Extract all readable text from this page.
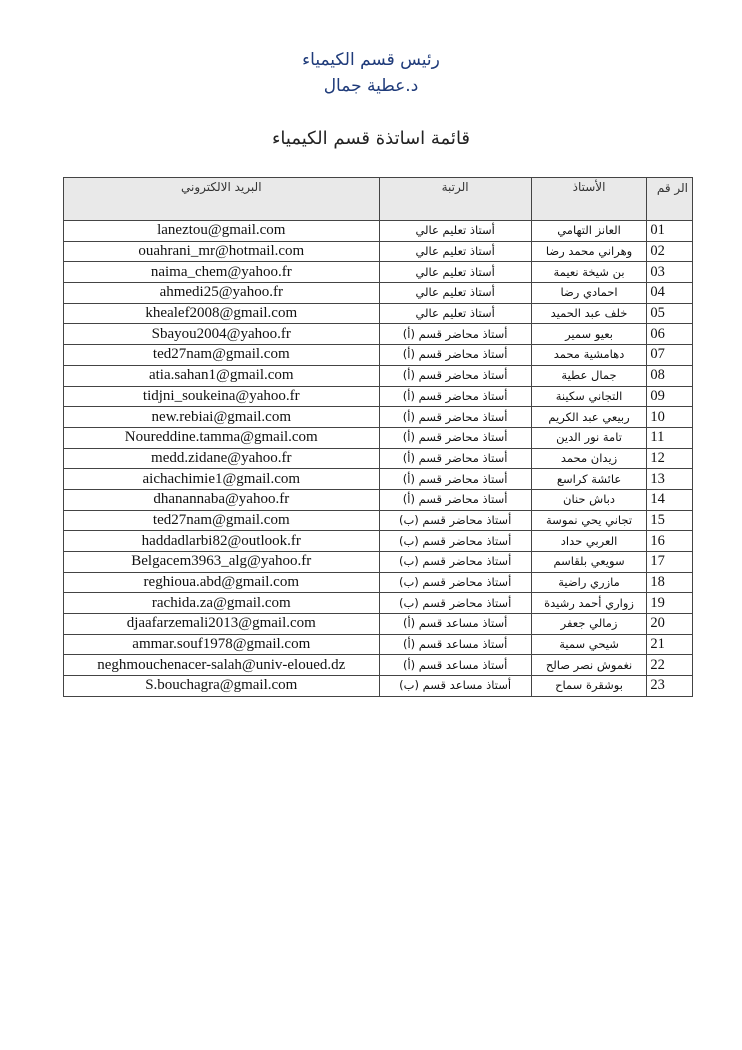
رئيس قسم الكيمياء
د.عطية جمال
قائمة اساتذة قسم الكيمياء
الر قم	الأستاذ	الرتبة	البريد الالكتروني
01	العانز التهامي	أستاذ تعليم عالي	laneztou@gmail.com
02	وهراني محمد رضا	أستاذ تعليم عالي	ouahrani_mr@hotmail.com
03	بن شيخة نعيمة	أستاذ تعليم عالي	naima_chem@yahoo.fr
04	احمادي رضا	أستاذ تعليم عالي	ahmedi25@yahoo.fr
05	خلف عبد الحميد	أستاذ تعليم عالي	khealef2008@gmail.com
06	بعيو سمير	أستاذ محاضر قسم (أ)	Sbayou2004@yahoo.fr
07	دهامشية محمد	أستاذ محاضر قسم (أ)	ted27nam@gmail.com
08	جمال عطية	أستاذ محاضر قسم (أ)	atia.sahan1@gmail.com
09	التجاني سكينة	أستاذ محاضر قسم (أ)	tidjni_soukeina@yahoo.fr
10	ربيعي عبد الكريم	أستاذ محاضر قسم (أ)	new.rebiai@gmail.com
11	تامة نور الدين	أستاذ محاضر قسم (أ)	Noureddine.tamma@gmail.com
12	زيدان محمد	أستاذ محاضر قسم (أ)	medd.zidane@yahoo.fr
13	عائشة كراسع	أستاذ محاضر قسم (أ)	aichachimie1@gmail.com
14	دباش حنان	أستاذ محاضر قسم (أ)	dhanannaba@yahoo.fr
15	تجاني يحي نموسة	أستاذ محاضر قسم (ب)	ted27nam@gmail.com
16	العربي حداد	أستاذ محاضر قسم (ب)	haddadlarbi82@outlook.fr
17	سويعي بلقاسم	أستاذ محاضر قسم (ب)	Belgacem3963_alg@yahoo.fr
18	مازري راضية	أستاذ محاضر قسم (ب)	reghioua.abd@gmail.com
19	زواري أحمد رشيدة	أستاذ محاضر قسم (ب)	rachida.za@gmail.com
20	زمالي جعفر	أستاذ مساعد قسم (أ)	djaafarzemali2013@gmail.com
21	شيحي سمية	أستاذ مساعد قسم (أ)	ammar.souf1978@gmail.com
22	نغموش نصر صالح	أستاذ مساعد قسم (أ)	neghmouchenacer-salah@univ-eloued.dz
23	بوشقرة سماح	أستاذ مساعد قسم (ب)	S.bouchagra@gmail.com
